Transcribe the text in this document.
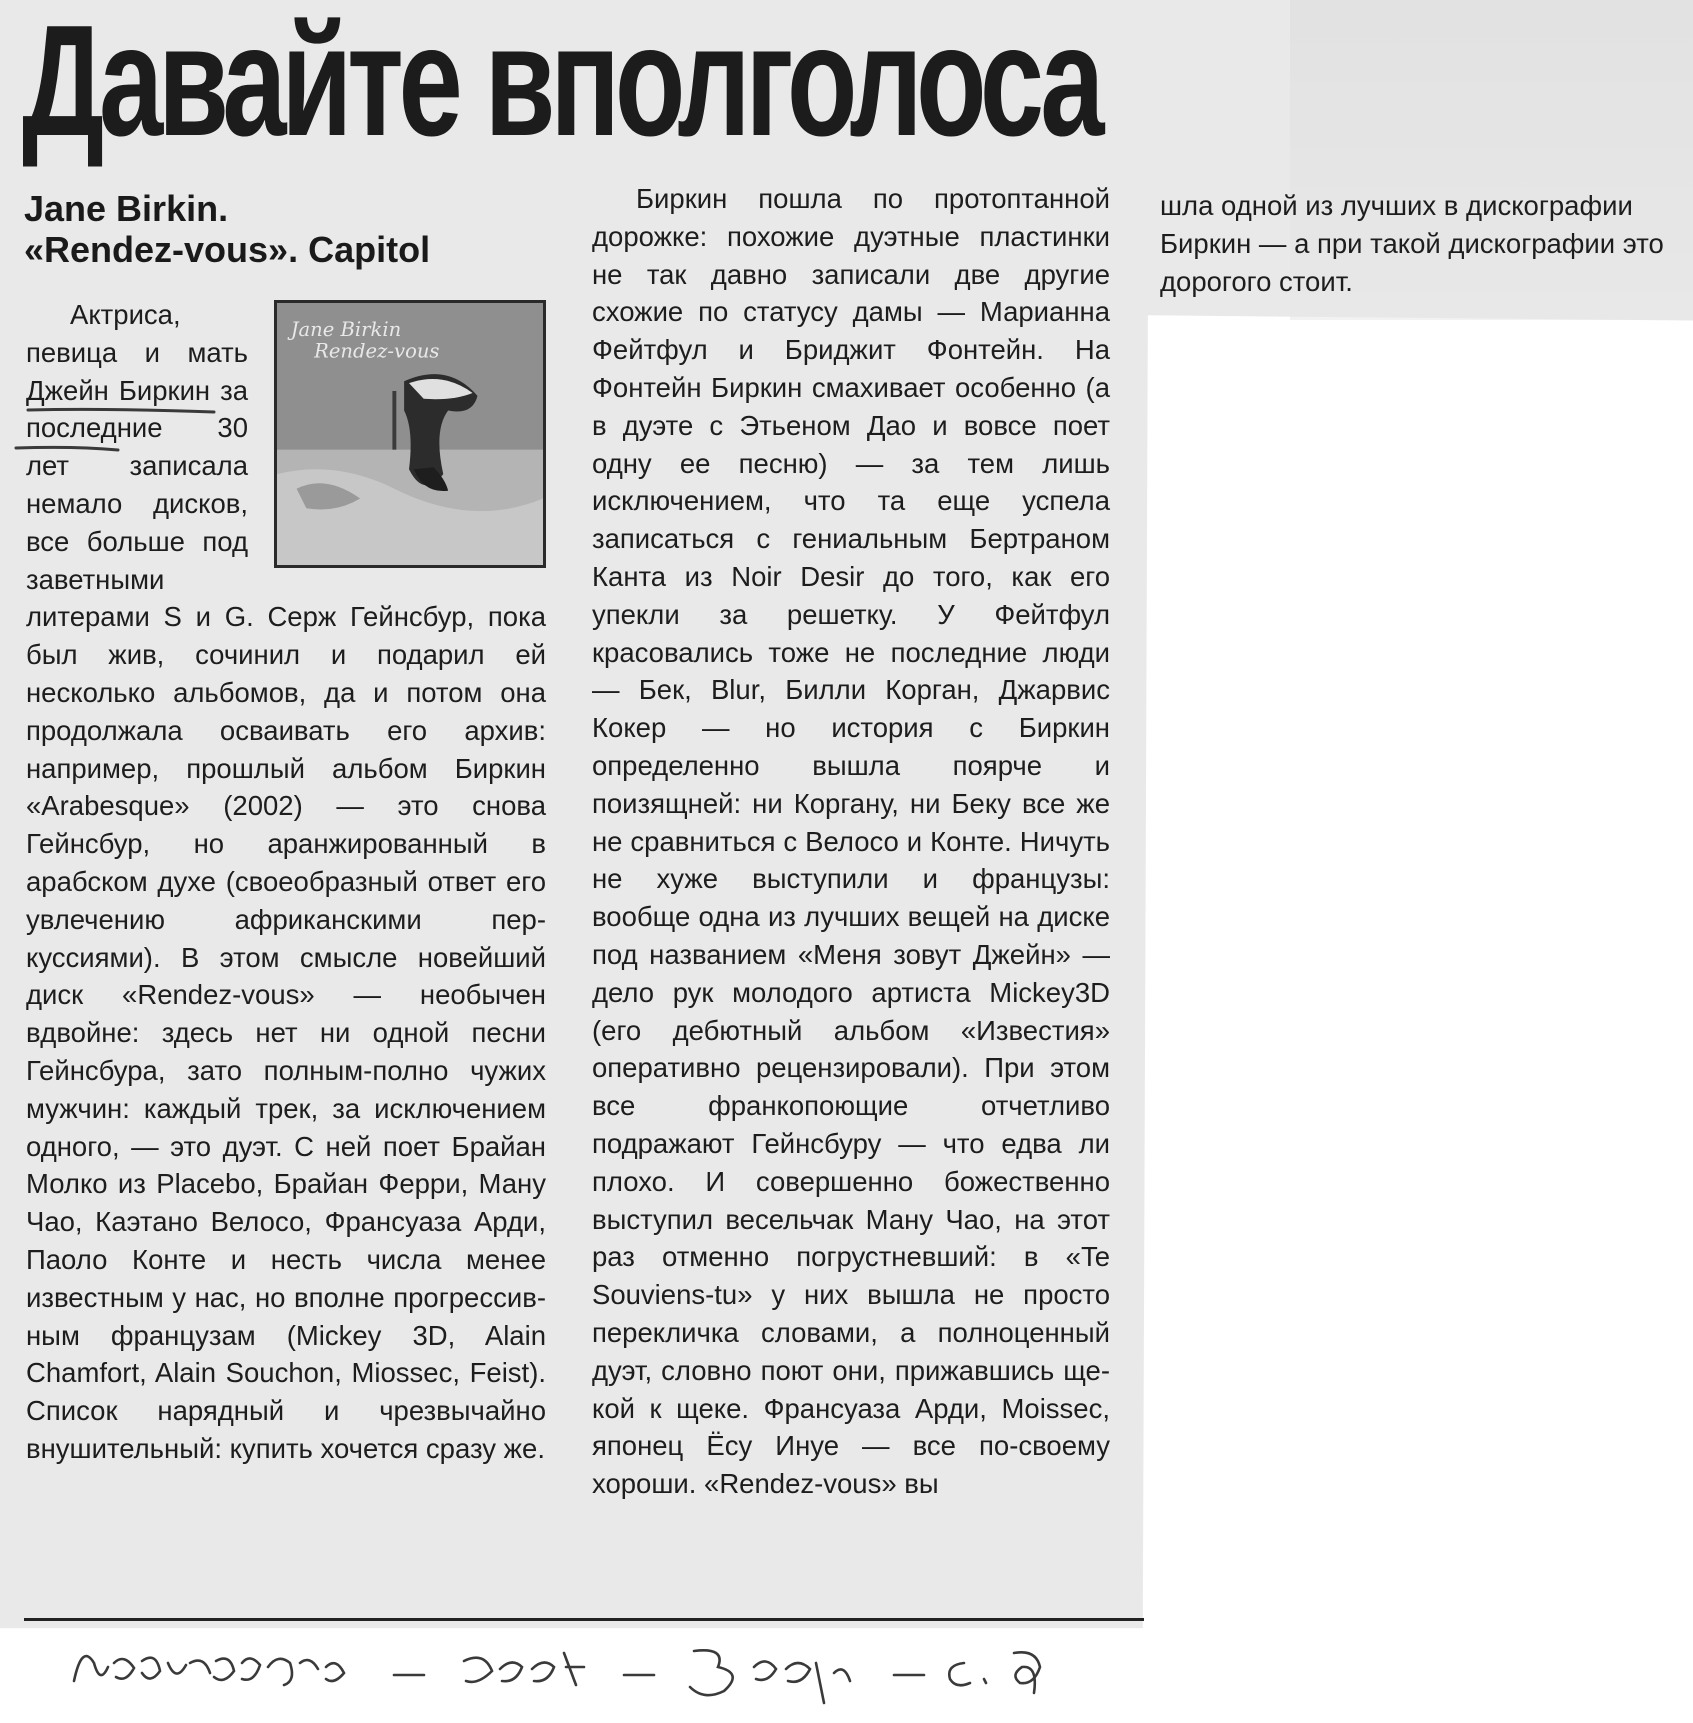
Давайте вполголоса
Jane Birkin.
«Rendez-vous». Capitol
Jane Birkin
Rendez-vous

Актриса, певица и мать Джейн Биркин за последние 30 лет записала немало дисков, все больше под заветными литерами S и G. Серж Гейнсбур, пока был жив, сочинил и подарил ей несколько альбомов, да и потом она продолжала осваивать его архив: например, прошлый альбом Биркин «Arabesque» (2002) — это снова Гейнсбур, но аранжированный в арабском духе (своеобразный ответ его увлечению африканскими перкуссиями). В этом смысле новейший диск «Rendez-vous» — необычен вдвойне: здесь нет ни одной песни Гейнсбура, зато полным-полно чужих мужчин: каждый трек, за исключением одного, — это дуэт. С ней поет Брайан Молко из Placebo, Брайан Ферри, Ману Чао, Каэтано Велосо, Франсуаза Арди, Паоло Конте и несть числа менее известным у нас, но вполне прогрессивным французам (Mickey 3D, Alain Chamfort, Alain Souchon, Miossec, Feist). Список нарядный и чрезвычайно внушительный: купить хочется сразу же.

Биркин пошла по протоптанной дорожке: похожие дуэтные пластинки не так давно записали две другие схожие по статусу дамы — Марианна Фейтфул и Бриджит Фонтейн. На Фонтейн Биркин смахивает особенно (а в дуэте с Этьеном Дао и вовсе поет одну ее песню) — за тем лишь исключением, что та еще успела записаться с гениальным Бертраном Канта из Noir Desir до того, как его упекли за решетку. У Фейтфул красовались тоже не последние люди — Бек, Blur, Билли Корган, Джарвис Кокер — но история с Биркин определенно вышла поярче и поизящней: ни Коргану, ни Беку все же не сравниться с Велосо и Конте. Ничуть не хуже выступили и французы: вообще одна из лучших вещей на диске под названием «Меня зовут Джейн» — дело рук молодого артиста Mickey3D (его дебютный альбом «Известия» оперативно рецензировали). При этом все франкопоющие отчетливо подражают Гейнсбуру — что едва ли плохо. И совершенно божественно выступил весельчак Ману Чао, на этот раз отменно погрустневший: в «Te Souviens-tu» у них вышла не просто перекличка словами, а полноценный дуэт, словно поют они, прижавшись щекой к щеке. Франсуаза Арди, Moissec, японец Ёсу Инуе — все по-своему хороши. «Rendez-vous» вы

шла одной из лучших в дискографии Биркин — а при такой дискографии это дорогого стоит.
